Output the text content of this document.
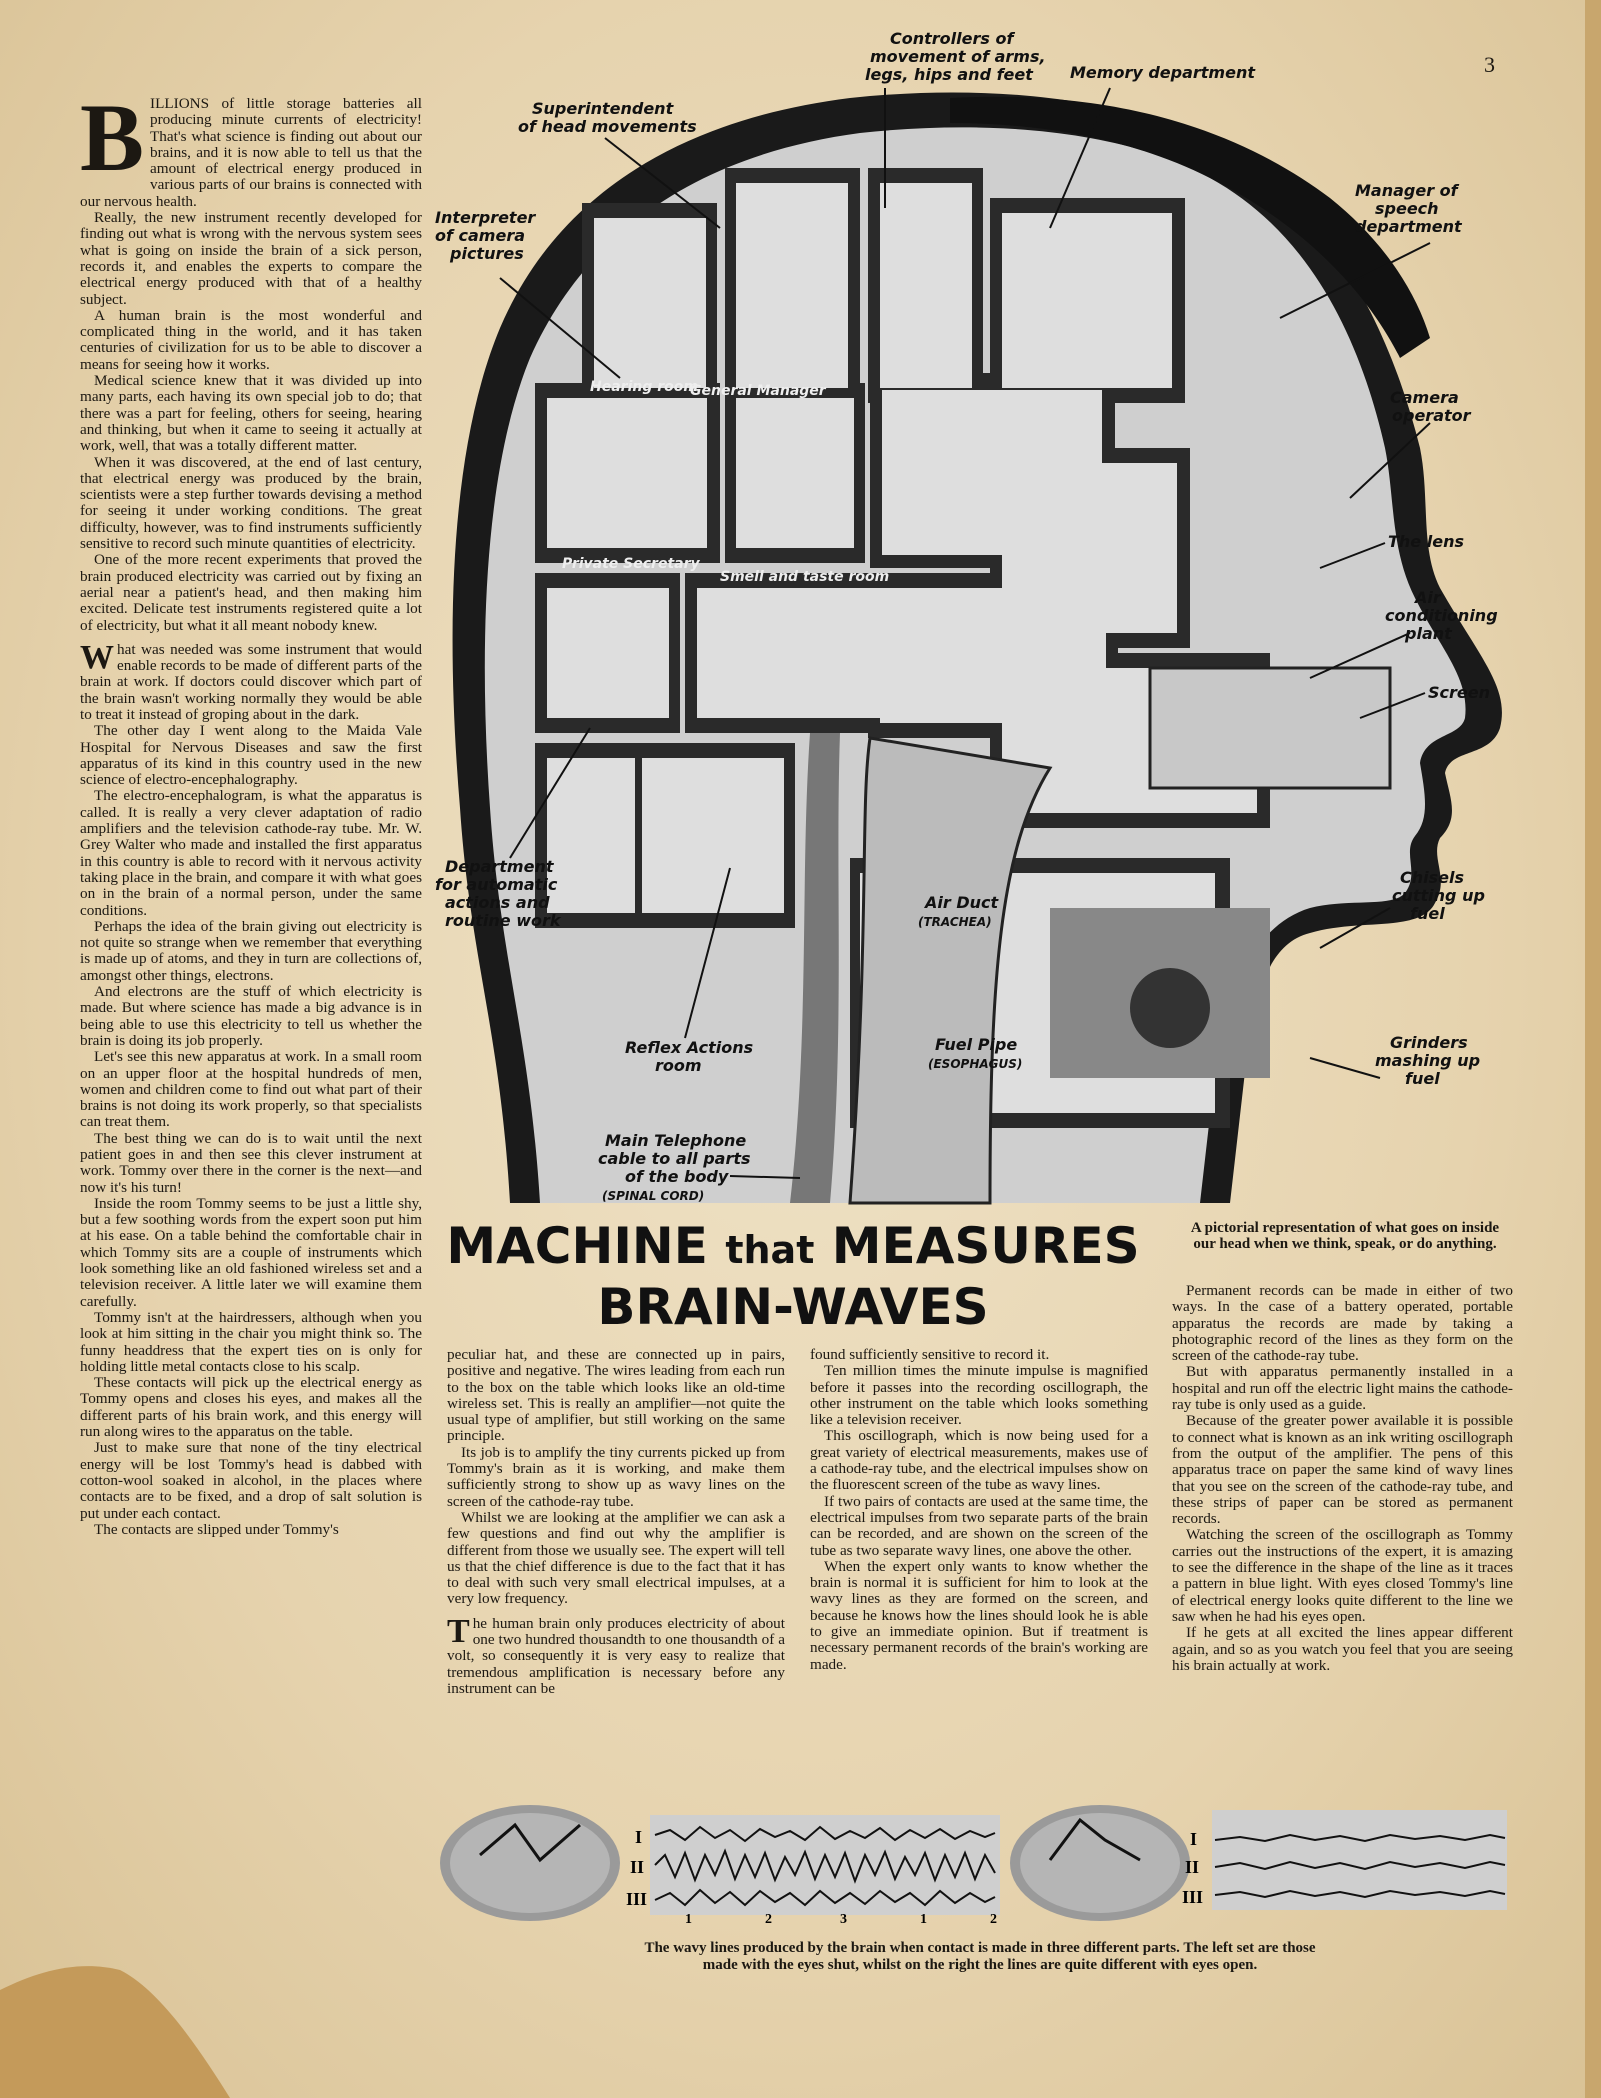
3
Controllers of movement of arms, legs, hips and feet	Memory department
Superintendent of head movements
Interpreter of camera pictures
Manager of speech department
Hearing room
General Manager	Camera operator
Private Secretary
Smell and taste room
The lens
Air conditioning plant
Screen
Department for automatic actions and routine work
Air Duct (TRACHEA)
Chisels cutting up fuel
Reflex Actions room
Fuel Pipe (ESOPHAGUS)
Grinders mashing up fuel
Main Telephone cable to all parts of the body (SPINAL CORD)
MACHINE that MEASURES
BRAIN-WAVES
A pictorial representation of what goes on inside our head when we think, speak, or do anything.

BILLIONS of little storage batteries all producing minute currents of electricity! That's what science is finding out about our brains, and it is now able to tell us that the amount of electrical energy produced in various parts of our brains is connected with our nervous health.

Really, the new instrument recently developed for finding out what is wrong with the nervous system sees what is going on inside the brain of a sick person, records it, and enables the experts to compare the electrical energy produced with that of a healthy subject.

A human brain is the most wonderful and complicated thing in the world, and it has taken centuries of civilization for us to be able to discover a means for seeing how it works.

Medical science knew that it was divided up into many parts, each having its own special job to do; that there was a part for feeling, others for seeing, hearing and thinking, but when it came to seeing it actually at work, well, that was a totally different matter.

When it was discovered, at the end of last century, that electrical energy was produced by the brain, scientists were a step further towards devising a method for seeing it under working conditions. The great difficulty, however, was to find instruments sufficiently sensitive to record such minute quantities of electricity.

One of the more recent experiments that proved the brain produced electricity was carried out by fixing an aerial near a patient's head, and then making him excited. Delicate test instruments registered quite a lot of electricity, but what it all meant nobody knew.

What was needed was some instrument that would enable records to be made of different parts of the brain at work. If doctors could discover which part of the brain wasn't working normally they would be able to treat it instead of groping about in the dark.

The other day I went along to the Maida Vale Hospital for Nervous Diseases and saw the first apparatus of its kind in this country used in the new science of electro-encephalography.

The electro-encephalogram, is what the apparatus is called. It is really a very clever adaptation of radio amplifiers and the television cathode-ray tube. Mr. W. Grey Walter who made and installed the first apparatus in this country is able to record with it nervous activity taking place in the brain, and compare it with what goes on in the brain of a normal person, under the same conditions.

Perhaps the idea of the brain giving out electricity is not quite so strange when we remember that everything is made up of atoms, and they in turn are collections of, amongst other things, electrons.

And electrons are the stuff of which electricity is made. But where science has made a big advance is in being able to use this electricity to tell us whether the brain is doing its job properly.

Let's see this new apparatus at work. In a small room on an upper floor at the hospital hundreds of men, women and children come to find out what part of their brains is not doing its work properly, so that specialists can treat them.

The best thing we can do is to wait until the next patient goes in and then see this clever instrument at work. Tommy over there in the corner is the next—and now it's his turn!

Inside the room Tommy seems to be just a little shy, but a few soothing words from the expert soon put him at his ease. On a table behind the comfortable chair in which Tommy sits are a couple of instruments which look something like an old fashioned wireless set and a television receiver. A little later we will examine them carefully.

Tommy isn't at the hairdressers, although when you look at him sitting in the chair you might think so. The funny headdress that the expert ties on is only for holding little metal contacts close to his scalp.

These contacts will pick up the electrical energy as Tommy opens and closes his eyes, and makes all the different parts of his brain work, and this energy will run along wires to the apparatus on the table.

Just to make sure that none of the tiny electrical energy will be lost Tommy's head is dabbed with cotton-wool soaked in alcohol, in the places where contacts are to be fixed, and a drop of salt solution is put under each contact.

The contacts are slipped under Tommy's

peculiar hat, and these are connected up in pairs, positive and negative. The wires leading from each run to the box on the table which looks like an old-time wireless set. This is really an amplifier—not quite the usual type of amplifier, but still working on the same principle.

Its job is to amplify the tiny currents picked up from Tommy's brain as it is working, and make them sufficiently strong to show up as wavy lines on the screen of the cathode-ray tube.

Whilst we are looking at the amplifier we can ask a few questions and find out why the amplifier is different from those we usually see. The expert will tell us that the chief difference is due to the fact that it has to deal with such very small electrical impulses, at a very low frequency.

The human brain only produces electricity of about one two hundred thousandth to one thousandth of a volt, so consequently it is very easy to realize that tremendous amplification is necessary before any instrument can be

found sufficiently sensitive to record it.

Ten million times the minute impulse is magnified before it passes into the recording oscillograph, the other instrument on the table which looks something like a television receiver.

This oscillograph, which is now being used for a great variety of electrical measurements, makes use of a cathode-ray tube, and the electrical impulses show on the fluorescent screen of the tube as wavy lines.

If two pairs of contacts are used at the same time, the electrical impulses from two separate parts of the brain can be recorded, and are shown on the screen of the tube as two separate wavy lines, one above the other.

When the expert only wants to know whether the brain is normal it is sufficient for him to look at the wavy lines as they are formed on the screen, and because he knows how the lines should look he is able to give an immediate opinion. But if treatment is necessary permanent records of the brain's working are made.

Permanent records can be made in either of two ways. In the case of a battery operated, portable apparatus the records are made by taking a photographic record of the lines as they form on the screen of the cathode-ray tube.

But with apparatus permanently installed in a hospital and run off the electric light mains the cathode-ray tube is only used as a guide.

Because of the greater power available it is possible to connect what is known as an ink writing oscillograph from the output of the amplifier. The pens of this apparatus trace on paper the same kind of wavy lines that you see on the screen of the cathode-ray tube, and these strips of paper can be stored as permanent records.

Watching the screen of the oscillograph as Tommy carries out the instructions of the expert, it is amazing to see the difference in the shape of the line as it traces a pattern in blue light. With eyes closed Tommy's line of electrical energy looks quite different to the line we saw when he had his eyes open.

If he gets at all excited the lines appear different again, and so as you watch you feel that you are seeing his brain actually at work.

I
II
III
1	2	3	1	2
I
II
III
The wavy lines produced by the brain when contact is made in three different parts. The left set are those made with the eyes shut, whilst on the right the lines are quite different with eyes open.
